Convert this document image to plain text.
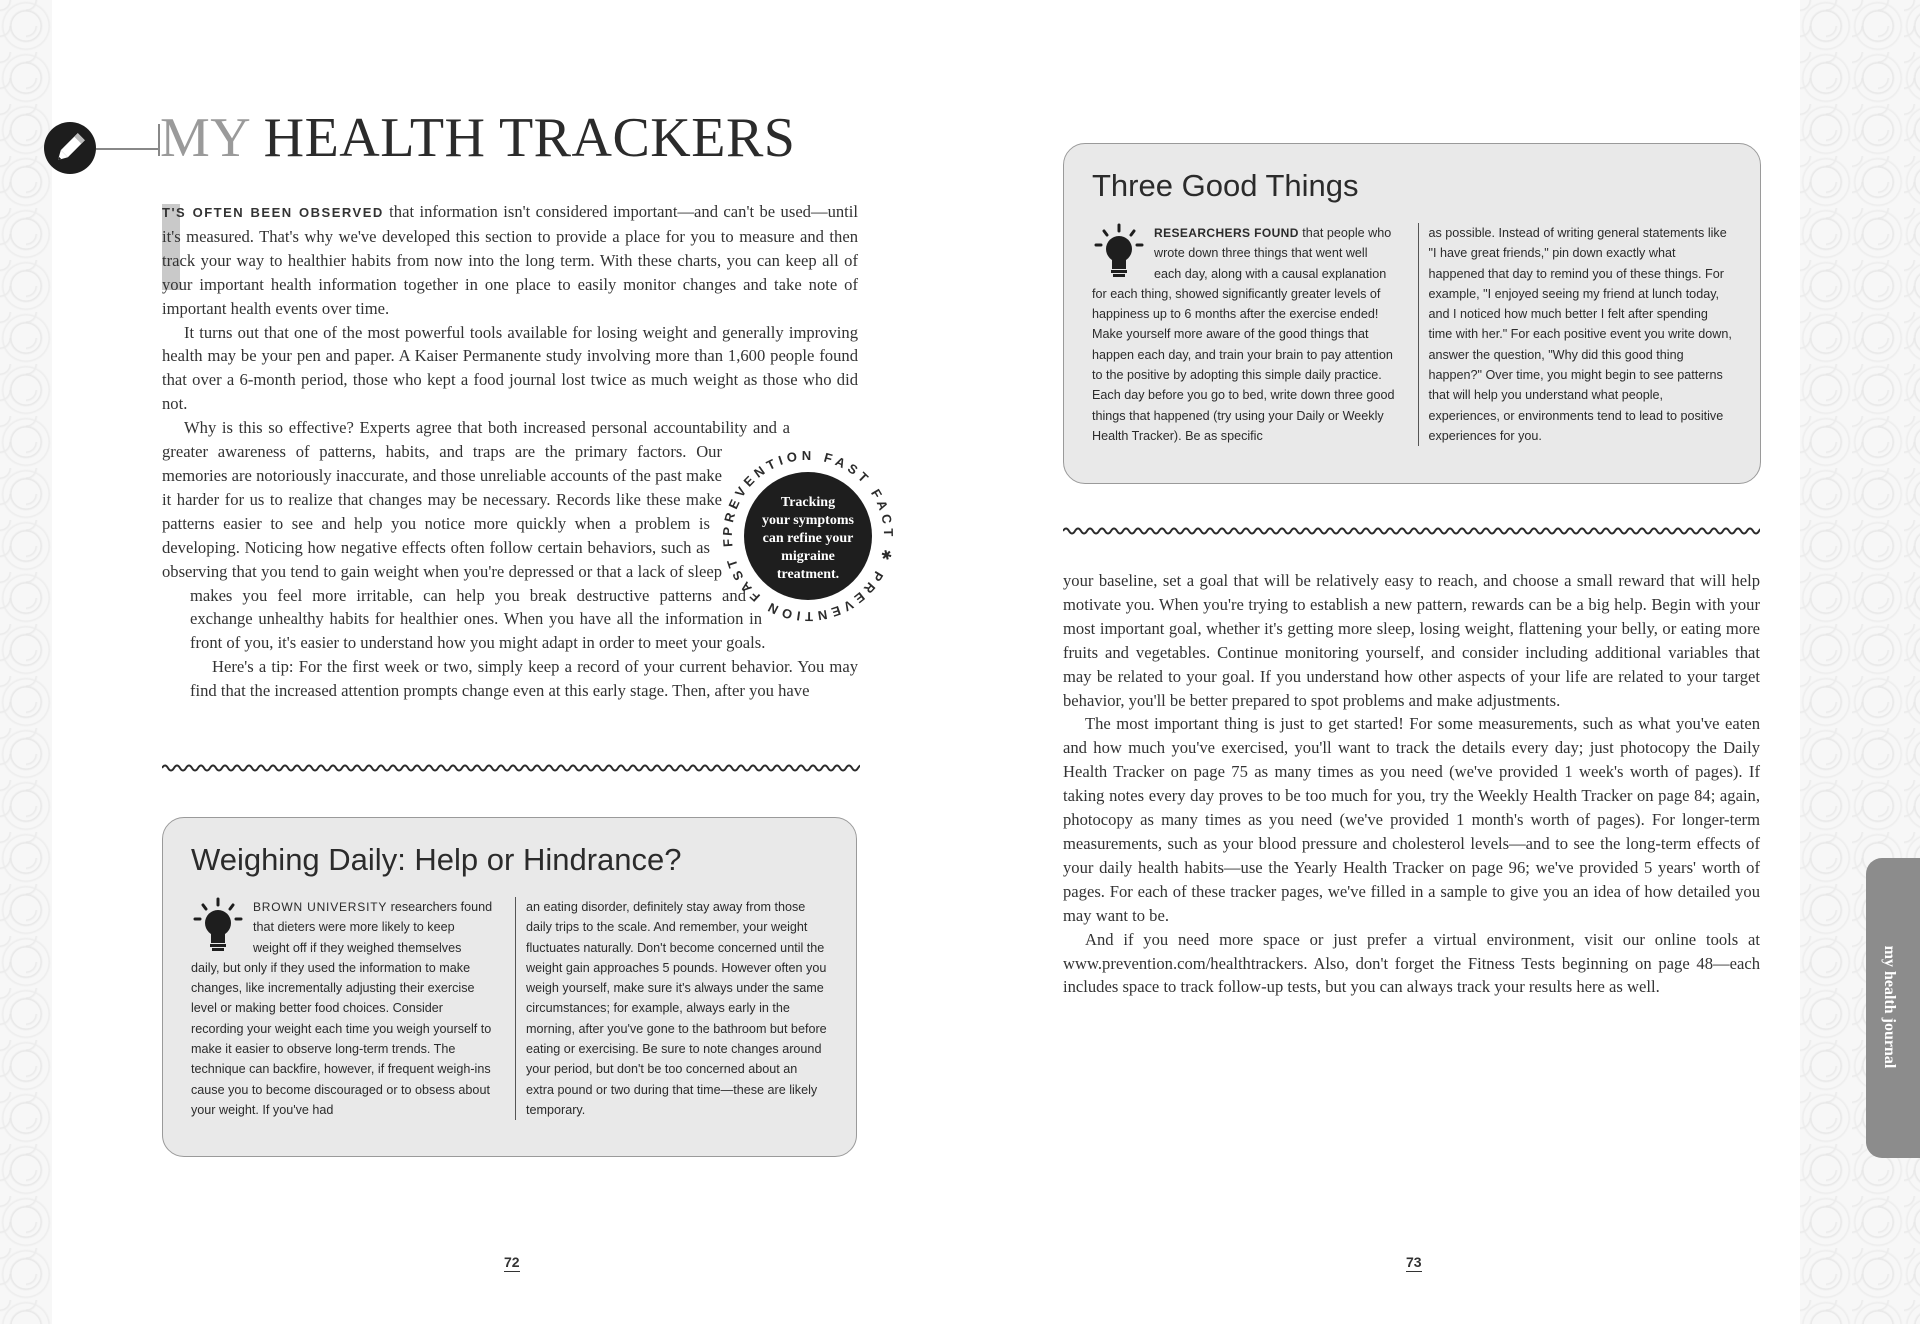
MY HEALTH TRACKERS

T'S OFTEN BEEN OBSERVED that information isn't considered important—and can't be used—until it's measured. That's why we've developed this section to provide a place for you to measure and then track your way to healthier habits from now into the long term. With these charts, you can keep all of your important health information together in one place to easily monitor changes and take note of important health events over time.

It turns out that one of the most powerful tools available for losing weight and generally improving health may be your pen and paper. A Kaiser Permanente study involving more than 1,600 people found that over a 6-month period, those who kept a food journal lost twice as much weight as those who did not.

Why is this so effective? Experts agree that both increased personal accountability and a greater awareness of patterns, habits, and traps are the primary factors. Our memories are notoriously inaccurate, and those unreliable accounts of the past make it harder for us to realize that changes may be necessary. Records like these make patterns easier to see and help you notice more quickly when a problem is developing. Noticing how negative effects often follow certain behaviors, such as observing that you tend to gain weight when you're depressed or that a lack of sleep makes you feel more irritable, can help you break destructive patterns and exchange unhealthy habits for healthier ones. When you have all the information in front of you, it's easier to understand how you might adapt in order to meet your goals.

Here's a tip: For the first week or two, simply keep a record of your current behavior. You may find that the increased attention prompts change even at this early stage. Then, after you have

PREVENTION FAST FACT ✱ PREVENTION FAST F
Tracking
your symptoms
can refine your
migraine
treatment.
Weighing Daily: Help or Hindrance?

BROWN UNIVERSITY researchers found that dieters were more likely to keep weight off if they weighed themselves daily, but only if they used the information to make changes, like incrementally adjusting their exercise level or making better food choices. Consider recording your weight each time you weigh yourself to make it easier to observe long-term trends. The technique can backfire, however, if frequent weigh-ins cause you to become discouraged or to obsess about your weight. If you've had

an eating disorder, definitely stay away from those daily trips to the scale. And remember, your weight fluctuates naturally. Don't become concerned until the weight gain approaches 5 pounds. However often you weigh yourself, make sure it's always under the same circumstances; for example, always early in the morning, after you've gone to the bathroom but before eating or exercising. Be sure to note changes around your period, but don't be too concerned about an extra pound or two during that time—these are likely temporary.

72
Three Good Things

RESEARCHERS FOUND that people who wrote down three things that went well each day, along with a causal explanation for each thing, showed significantly greater levels of happiness up to 6 months after the exercise ended! Make yourself more aware of the good things that happen each day, and train your brain to pay attention to the positive by adopting this simple daily practice. Each day before you go to bed, write down three good things that happened (try using your Daily or Weekly Health Tracker). Be as specific

as possible. Instead of writing general statements like "I have great friends," pin down exactly what happened that day to remind you of these things. For example, "I enjoyed seeing my friend at lunch today, and I noticed how much better I felt after spending time with her." For each positive event you write down, answer the question, "Why did this good thing happen?" Over time, you might begin to see patterns that will help you understand what people, experiences, or environments tend to lead to positive experiences for you.

your baseline, set a goal that will be relatively easy to reach, and choose a small reward that will help motivate you. When you're trying to establish a new pattern, rewards can be a big help. Begin with your most important goal, whether it's getting more sleep, losing weight, flattening your belly, or eating more fruits and vegetables. Continue monitoring yourself, and consider including additional variables that may be related to your goal. If you understand how other aspects of your life are related to your target behavior, you'll be better prepared to spot problems and make adjustments.

The most important thing is just to get started! For some measurements, such as what you've eaten and how much you've exercised, you'll want to track the details every day; just photocopy the Daily Health Tracker on page 75 as many times as you need (we've provided 1 week's worth of pages). If taking notes every day proves to be too much for you, try the Weekly Health Tracker on page 84; again, photocopy as many times as you need (we've provided 1 month's worth of pages). For longer-term measurements, such as your blood pressure and cholesterol levels—and to see the long-term effects of your daily health habits—use the Yearly Health Tracker on page 96; we've provided 5 years' worth of pages. For each of these tracker pages, we've filled in a sample to give you an idea of how detailed you may want to be.

And if you need more space or just prefer a virtual environment, visit our online tools at www.prevention.com/healthtrackers. Also, don't forget the Fitness Tests beginning on page 48—each includes space to track follow-up tests, but you can always track your results here as well.	my health journal
73
